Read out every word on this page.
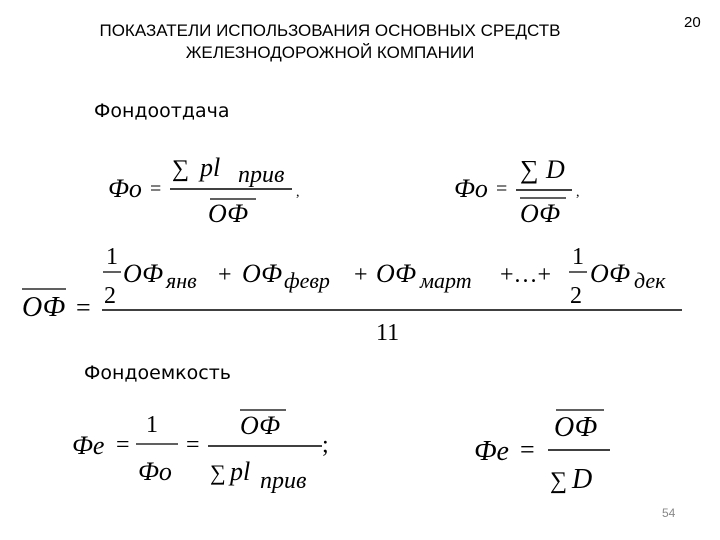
ПОКАЗАТЕЛИ ИСПОЛЬЗОВАНИЯ ОСНОВНЫХ СРЕДСТВ
ЖЕЛЕЗНОДОРОЖНОЙ КОМПАНИИ
20
Фондоотдача
Фондоемкость
Фо =
∑ pl прив
ОФ
,	Фо =
∑ D
ОФ
,
ОФ =
1
2
ОФ янв + ОФ февр + ОФ март +…+
1
2
ОФ дек
11
Фе =
1
Фо
=
ОФ
∑ pl прив
;	Фе =
ОФ
∑ D
54
